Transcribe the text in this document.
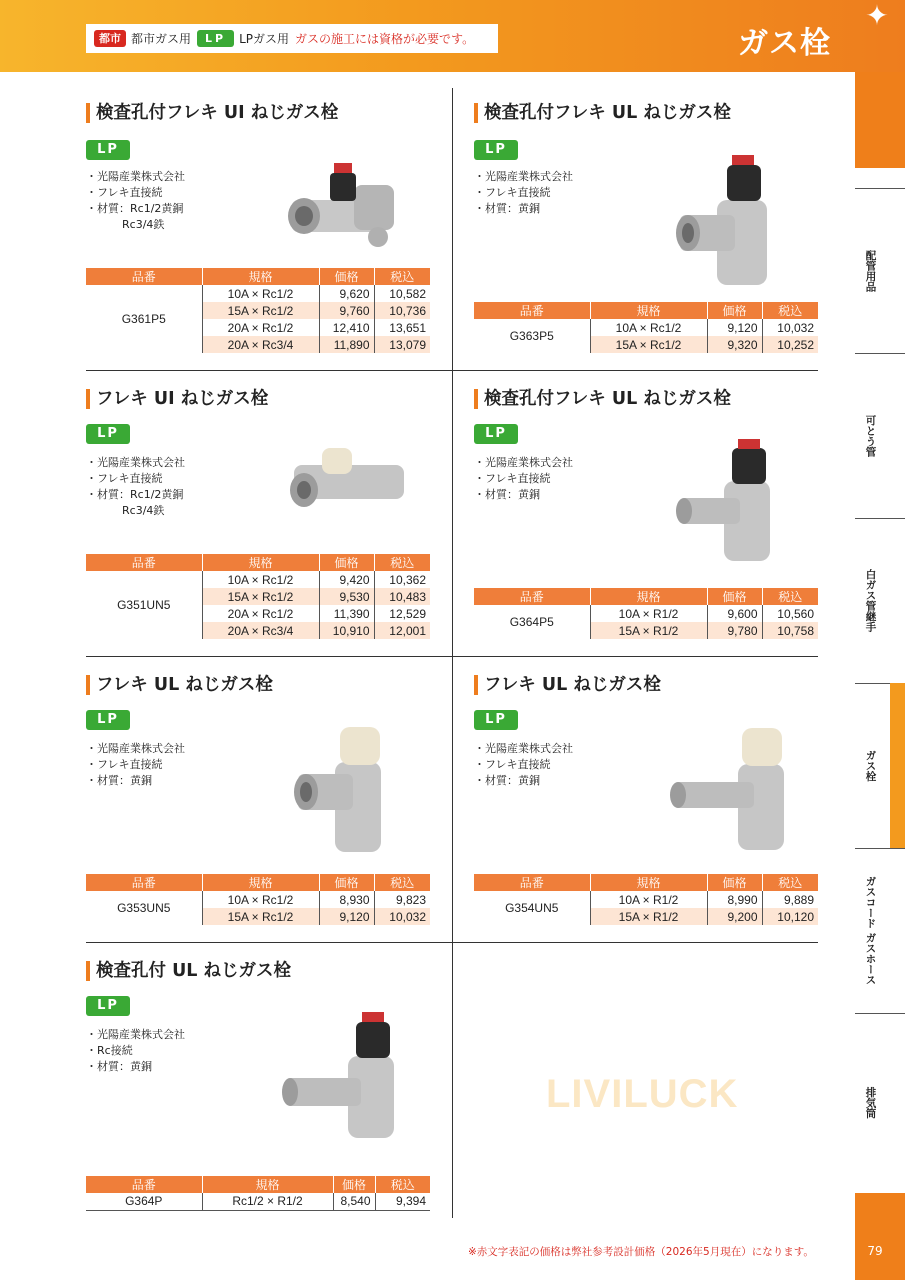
都市 都市ガス用	LP	LPガス用 ガスの施工には資格が必要です。	ガス栓
✦
配管用品
可とう管
白ガス管継手
ガス栓
ガスコード ガスホース
排気筒
79
検査孔付フレキ UI ねじガス栓
LP
・ 光陽産業株式会社
・ フレキ直接続
・ 材質：Rc1/2黄銅
Rc3/4鉄
品番	規格	価格	税込
G361P5	10A × Rc1/2	9,620	10,582
	15A × Rc1/2	9,760	10,736
	20A × Rc1/2	12,410	13,651
	20A × Rc3/4	11,890	13,079
検査孔付フレキ UL ねじガス栓
LP
・ 光陽産業株式会社
・ フレキ直接続
・ 材質：黄銅
品番	規格	価格	税込
G363P5	10A × Rc1/2	9,120	10,032
	15A × Rc1/2	9,320	10,252
フレキ UI ねじガス栓
LP
・ 光陽産業株式会社
・ フレキ直接続
・ 材質：Rc1/2黄銅
Rc3/4鉄
品番	規格	価格	税込
G351UN5	10A × Rc1/2	9,420	10,362
	15A × Rc1/2	9,530	10,483
	20A × Rc1/2	11,390	12,529
	20A × Rc3/4	10,910	12,001
検査孔付フレキ UL ねじガス栓
LP
・ 光陽産業株式会社
・ フレキ直接続
・ 材質：黄銅
品番	規格	価格	税込
G364P5	10A × R1/2	9,600	10,560
	15A × R1/2	9,780	10,758
フレキ UL ねじガス栓
LP
・ 光陽産業株式会社
・ フレキ直接続
・ 材質：黄銅
品番	規格	価格	税込
G353UN5	10A × Rc1/2	8,930	9,823
	15A × Rc1/2	9,120	10,032
フレキ UL ねじガス栓
LP
・ 光陽産業株式会社
・ フレキ直接続
・ 材質：黄銅
品番	規格	価格	税込
G354UN5	10A × R1/2	8,990	9,889
	15A × R1/2	9,200	10,120
検査孔付 UL ねじガス栓
LP
・ 光陽産業株式会社
・ Rc接続
・ 材質：黄銅
品番	規格	価格	税込
G364P	Rc1/2 × R1/2	8,540	9,394
LIVILUCK
※赤文字表記の価格は弊社参考設計価格（2026年5月現在）になります。
